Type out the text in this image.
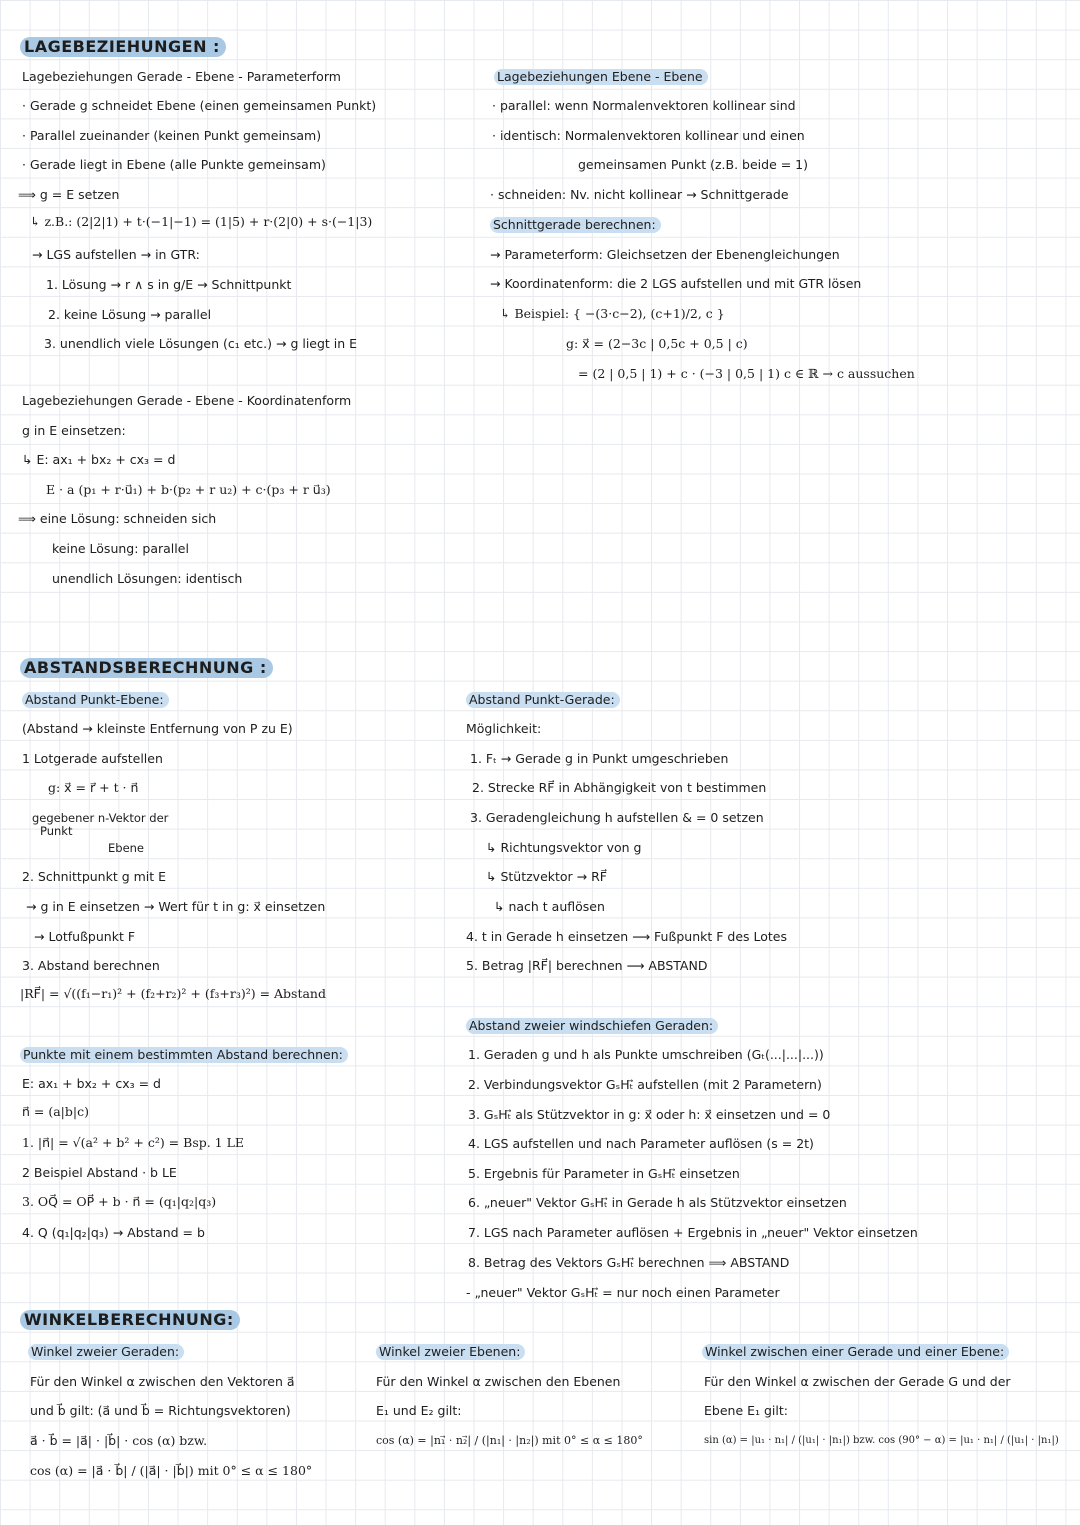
LAGEBEZIEHUNGEN :
Lagebeziehungen Gerade - Ebene - Parameterform
· Gerade g schneidet Ebene (einen gemeinsamen Punkt)
· Parallel zueinander (keinen Punkt gemeinsam)
· Gerade liegt in Ebene (alle Punkte gemeinsam)
⟹ g = E setzen
↳ z.B.: (2|2|1) + t·(−1|−1) = (1|5) + r·(2|0) + s·(−1|3)
→ LGS aufstellen → in GTR:
1. Lösung → r ∧ s in g/E → Schnittpunkt
2. keine Lösung → parallel
3. unendlich viele Lösungen (c₁ etc.) → g liegt in E
Lagebeziehungen Gerade - Ebene - Koordinatenform
g in E einsetzen:
↳ E: ax₁ + bx₂ + cx₃ = d
E · a (p₁ + r·u⃗₁) + b·(p₂ + r u₂) + c·(p₃ + r u⃗₃)
⟹ eine Lösung: schneiden sich
keine Lösung: parallel
unendlich Lösungen: identisch
Lagebeziehungen Ebene - Ebene
· parallel: wenn Normalenvektoren kollinear sind
· identisch: Normalenvektoren kollinear und einen
gemeinsamen Punkt (z.B. beide = 1)
· schneiden: Nv. nicht kollinear → Schnittgerade
Schnittgerade berechnen:
→ Parameterform: Gleichsetzen der Ebenengleichungen
→ Koordinatenform: die 2 LGS aufstellen und mit GTR lösen
↳ Beispiel: { −(3·c−2), (c+1)/2, c }
g: x⃗ = (2−3c | 0,5c + 0,5 | c)
= (2 | 0,5 | 1) + c · (−3 | 0,5 | 1) c ∈ ℝ → c aussuchen
ABSTANDSBERECHNUNG :
Abstand Punkt-Ebene:
(Abstand → kleinste Entfernung von P zu E)
1 Lotgerade aufstellen
g: x⃗ = r⃗ + t · n⃗
gegebener n-Vektor der
Punkt
Ebene
2. Schnittpunkt g mit E
→ g in E einsetzen → Wert für t in g: x⃗ einsetzen
→ Lotfußpunkt F
3. Abstand berechnen
|RF⃗| = √((f₁−r₁)² + (f₂+r₂)² + (f₃+r₃)²) = Abstand
Punkte mit einem bestimmten Abstand berechnen:
E: ax₁ + bx₂ + cx₃ = d
n⃗ = (a|b|c)
1. |n⃗| = √(a² + b² + c²) = Bsp. 1 LE
2 Beispiel Abstand · b LE
3. OQ⃗ = OP⃗ + b · n⃗ = (q₁|q₂|q₃)
4. Q (q₁|q₂|q₃) → Abstand = b
Abstand Punkt-Gerade:
Möglichkeit:
1. Fₜ → Gerade g in Punkt umgeschrieben
2. Strecke RF⃗ in Abhängigkeit von t bestimmen
3. Geradengleichung h aufstellen & = 0 setzen
↳ Richtungsvektor von g
↳ Stützvektor → RF⃗
↳ nach t auflösen
4. t in Gerade h einsetzen ⟶ Fußpunkt F des Lotes
5. Betrag |RF⃗| berechnen ⟶ ABSTAND
Abstand zweier windschiefen Geraden:
1. Geraden g und h als Punkte umschreiben (Gₜ(...|...|...))
2. Verbindungsvektor GₛHₜ⃗ aufstellen (mit 2 Parametern)
3. GₛHₜ⃗ als Stützvektor in g: x⃗ oder h: x⃗ einsetzen und = 0
4. LGS aufstellen und nach Parameter auflösen (s = 2t)
5. Ergebnis für Parameter in GₛHₜ⃗ einsetzen
6. „neuer" Vektor GₛHₜ⃗ in Gerade h als Stützvektor einsetzen
7. LGS nach Parameter auflösen + Ergebnis in „neuer" Vektor einsetzen
8. Betrag des Vektors GₛHₜ⃗ berechnen ⟹ ABSTAND
- „neuer" Vektor GₛHₜ⃗ = nur noch einen Parameter
WINKELBERECHNUNG:
Winkel zweier Geraden:
Für den Winkel α zwischen den Vektoren a⃗
und b⃗ gilt: (a⃗ und b⃗ = Richtungsvektoren)
a⃗ · b⃗ = |a⃗| · |b⃗| · cos (α) bzw.
cos (α) = |a⃗ · b⃗| / (|a⃗| · |b⃗|) mit 0° ≤ α ≤ 180°
Winkel zweier Ebenen:
Für den Winkel α zwischen den Ebenen
E₁ und E₂ gilt:
cos (α) = |n₁⃗ · n₂⃗| / (|n₁| · |n₂|) mit 0° ≤ α ≤ 180°
Winkel zwischen einer Gerade und einer Ebene:
Für den Winkel α zwischen der Gerade G und der
Ebene E₁ gilt:
sin (α) = |u₁ · n₁| / (|u₁| · |n₁|) bzw. cos (90° − α) = |u₁ · n₁| / (|u₁| · |n₁|)
